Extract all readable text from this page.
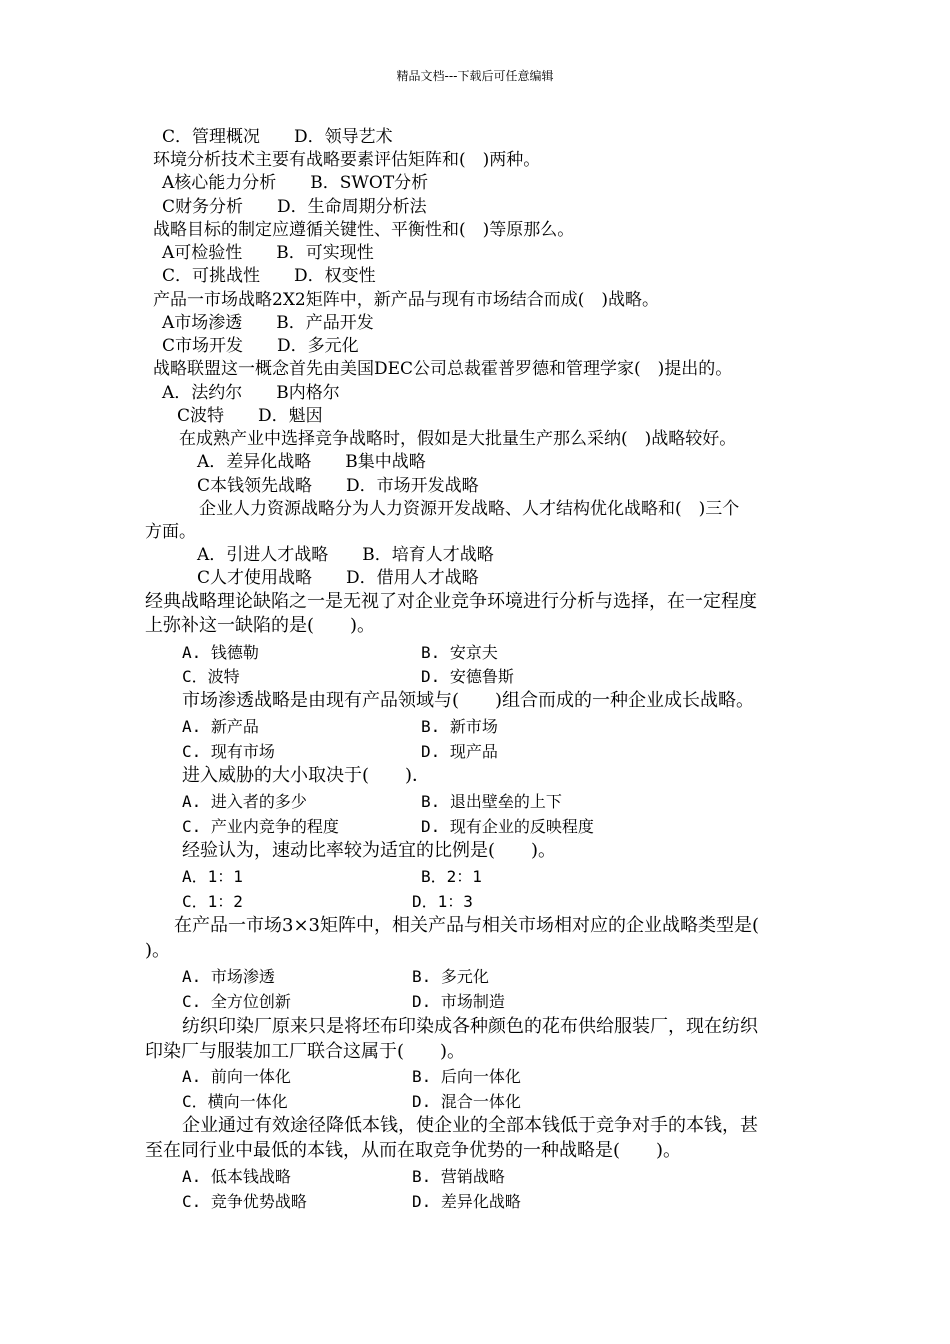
精品文档---下载后可任意编辑
C．管理概况　　D．领导艺术
环境分析技术主要有战略要素评估矩阵和(　)两种。
A核心能力分析　　B．SWOT分析
C财务分析　　D．生命周期分析法
战略目标的制定应遵循关键性、平衡性和(　)等原那么。
A可检验性　　B．可实现性
C．可挑战性　　D．权变性
产品一市场战略2X2矩阵中，新产品与现有市场结合而成(　)战略。
A市场渗透　　B．产品开发
C市场开发　　D．多元化
战略联盟这一概念首先由美国DEC公司总裁霍普罗德和管理学家(　)提出的。
A．法约尔　　B内格尔
C波特　　D．魁因
在成熟产业中选择竞争战略时，假如是大批量生产那么采纳(　)战略较好。
A．差异化战略　　B集中战略
C本钱领先战略　　D．市场开发战略
企业人力资源战略分为人力资源开发战略、人才结构优化战略和(　)三个
方面。
A．引进人才战略　　B．培育人才战略
C人才使用战略　　D．借用人才战略
经典战略理论缺陷之一是无视了对企业竞争环境进行分析与选择，在一定程度
上弥补这一缺陷的是(　　)。
A. 钱德勒	B. 安京夫
C．波特	D. 安德鲁斯
市场渗透战略是由现有产品领域与(　　)组合而成的一种企业成长战略。
A. 新产品	B. 新市场
C. 现有市场	D. 现产品
进入威胁的大小取决于(　　)．
A. 进入者的多少	B. 退出壁垒的上下
C. 产业内竞争的程度	D. 现有企业的反映程度
经验认为，速动比率较为适宜的比例是(　　)。
A．1：1	B．2：1
C．1：2	D．1：3
在产品一市场3×3矩阵中，相关产品与相关市场相对应的企业战略类型是(
)。
A. 市场渗透	B. 多元化
C. 全方位创新	D. 市场制造
纺织印染厂原来只是将坯布印染成各种颜色的花布供给服装厂，现在纺织
印染厂与服装加工厂联合这属于(　　)。
A. 前向一体化	B. 后向一体化
C．横向一体化	D. 混合一体化
企业通过有效途径降低本钱，使企业的全部本钱低于竞争对手的本钱，甚
至在同行业中最低的本钱，从而在取竞争优势的一种战略是(　　)。
A. 低本钱战略	B. 营销战略
C. 竞争优势战略	D. 差异化战略
